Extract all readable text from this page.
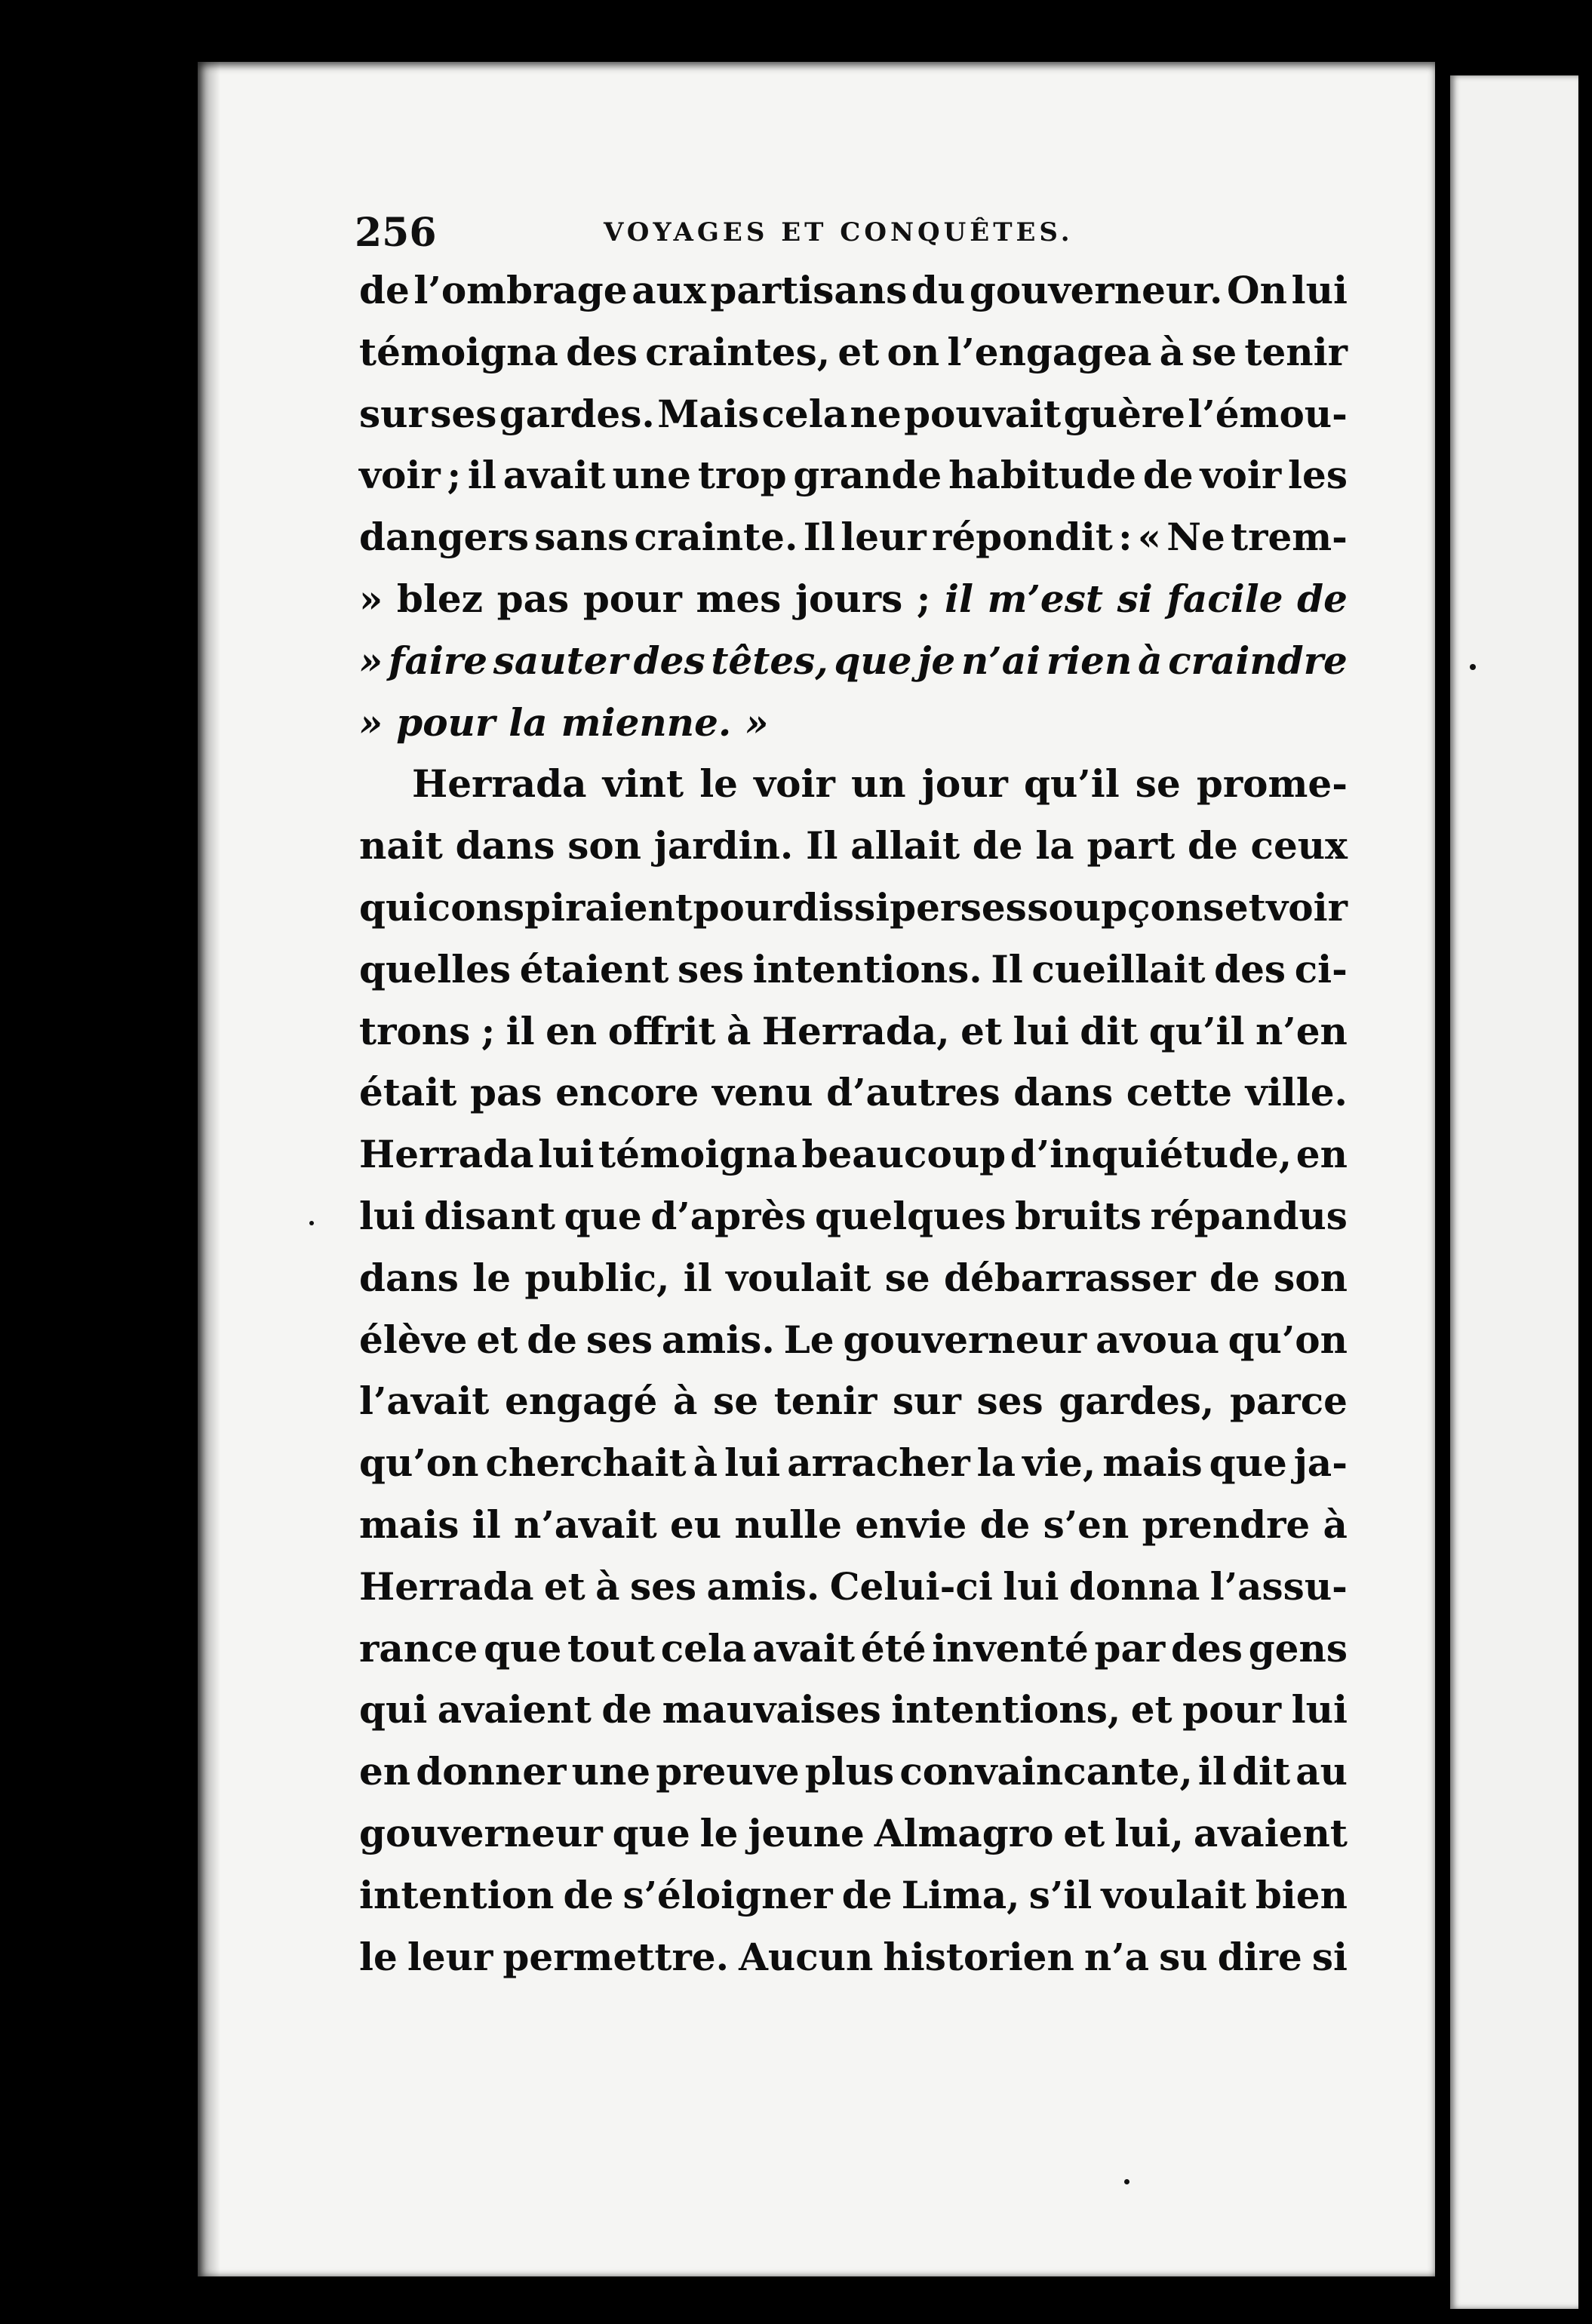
256	VOYAGES ET CONQUÊTES.
de l’ombrage aux partisans du gouverneur. On lui
témoigna des craintes, et on l’engagea à se tenir
sur ses gardes. Mais cela ne pouvait guère l’émou-
voir ; il avait une trop grande habitude de voir les
dangers sans crainte. Il leur répondit : « Ne trem-
» blez pas pour mes jours ; il m’est si facile de
» faire sauter des têtes, que je n’ai rien à craindre
» pour la mienne. »
Herrada vint le voir un jour qu’il se prome-
nait dans son jardin. Il allait de la part de ceux
qui conspiraient pour dissiper ses soupçons et voir
quelles étaient ses intentions. Il cueillait des ci-
trons ; il en offrit à Herrada, et lui dit qu’il n’en
était pas encore venu d’autres dans cette ville.
Herrada lui témoigna beaucoup d’inquiétude, en
lui disant que d’après quelques bruits répandus
dans le public, il voulait se débarrasser de son
élève et de ses amis. Le gouverneur avoua qu’on
l’avait engagé à se tenir sur ses gardes, parce
qu’on cherchait à lui arracher la vie, mais que ja-
mais il n’avait eu nulle envie de s’en prendre à
Herrada et à ses amis. Celui-ci lui donna l’assu-
rance que tout cela avait été inventé par des gens
qui avaient de mauvaises intentions, et pour lui
en donner une preuve plus convaincante, il dit au
gouverneur que le jeune Almagro et lui, avaient
intention de s’éloigner de Lima, s’il voulait bien
le leur permettre. Aucun historien n’a su dire si
